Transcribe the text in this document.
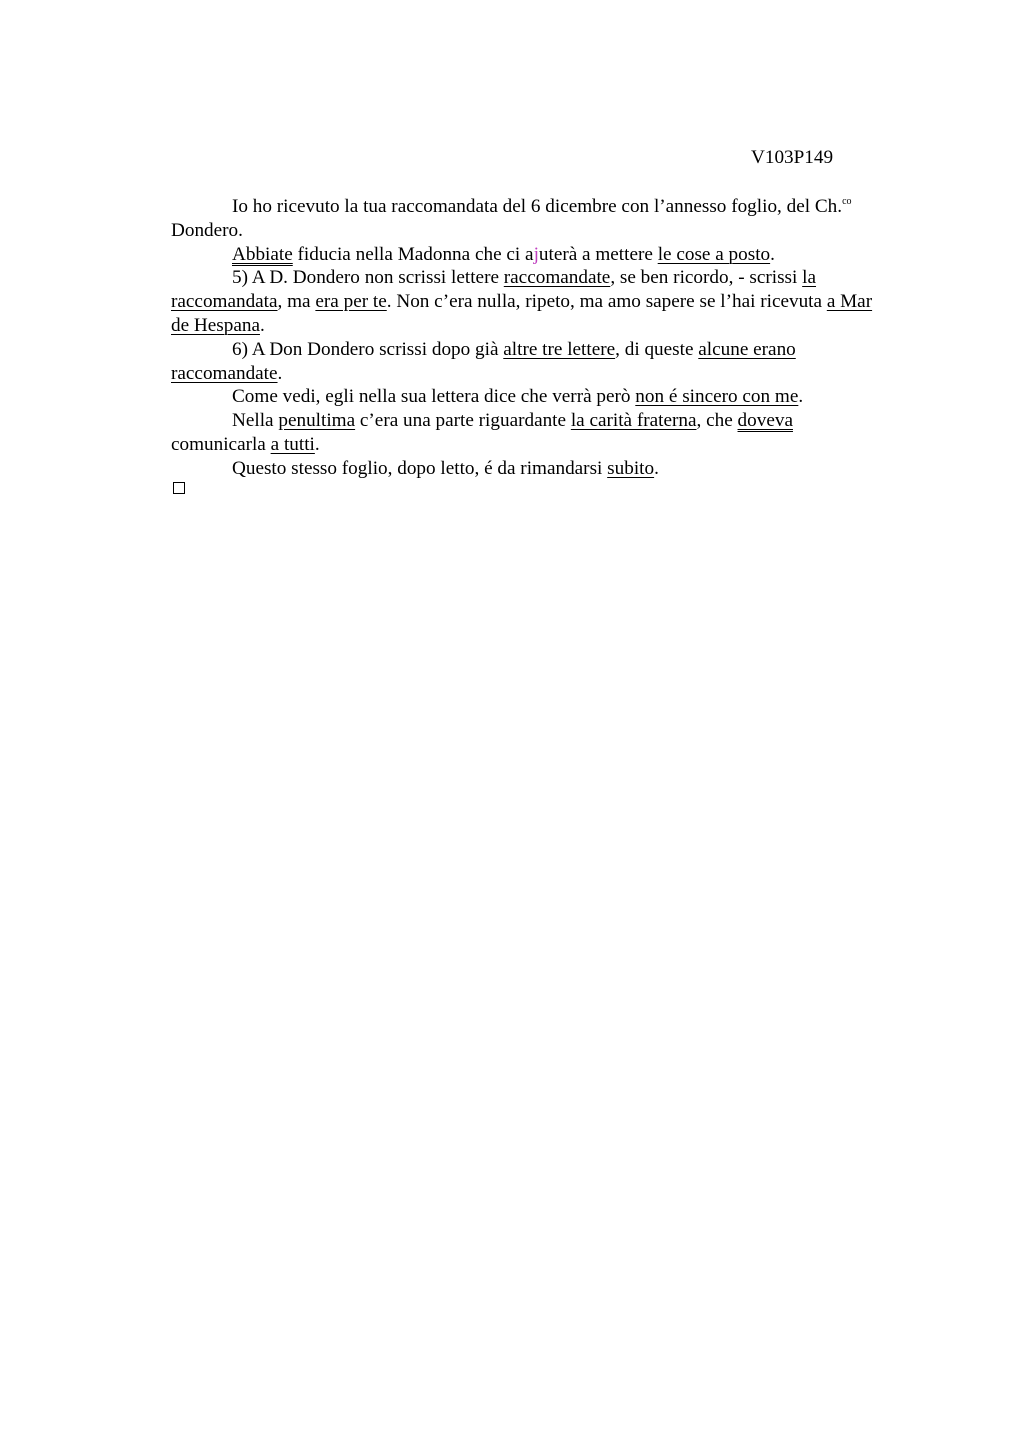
V103P149

Io ho ricevuto la tua raccomandata del 6 dicembre con l’annesso foglio, del Ch.$^{co}$
Dondero.

Abbiate fiducia nella Madonna che ci ajuterà a mettere le cose a posto.

5) A D. Dondero non scrissi lettere raccomandate, se ben ricordo, - scrissi la
raccomandata, ma era per te. Non c’era nulla, ripeto, ma amo sapere se l’hai ricevuta a Mar
de Hespana.

6) A Don Dondero scrissi dopo già altre tre lettere, di queste alcune erano
raccomandate.

Come vedi, egli nella sua lettera dice che verrà però non é sincero con me.

Nella penultima c’era una parte riguardante la carità fraterna, che doveva
comunicarla a tutti.

Questo stesso foglio, dopo letto, é da rimandarsi subito.
